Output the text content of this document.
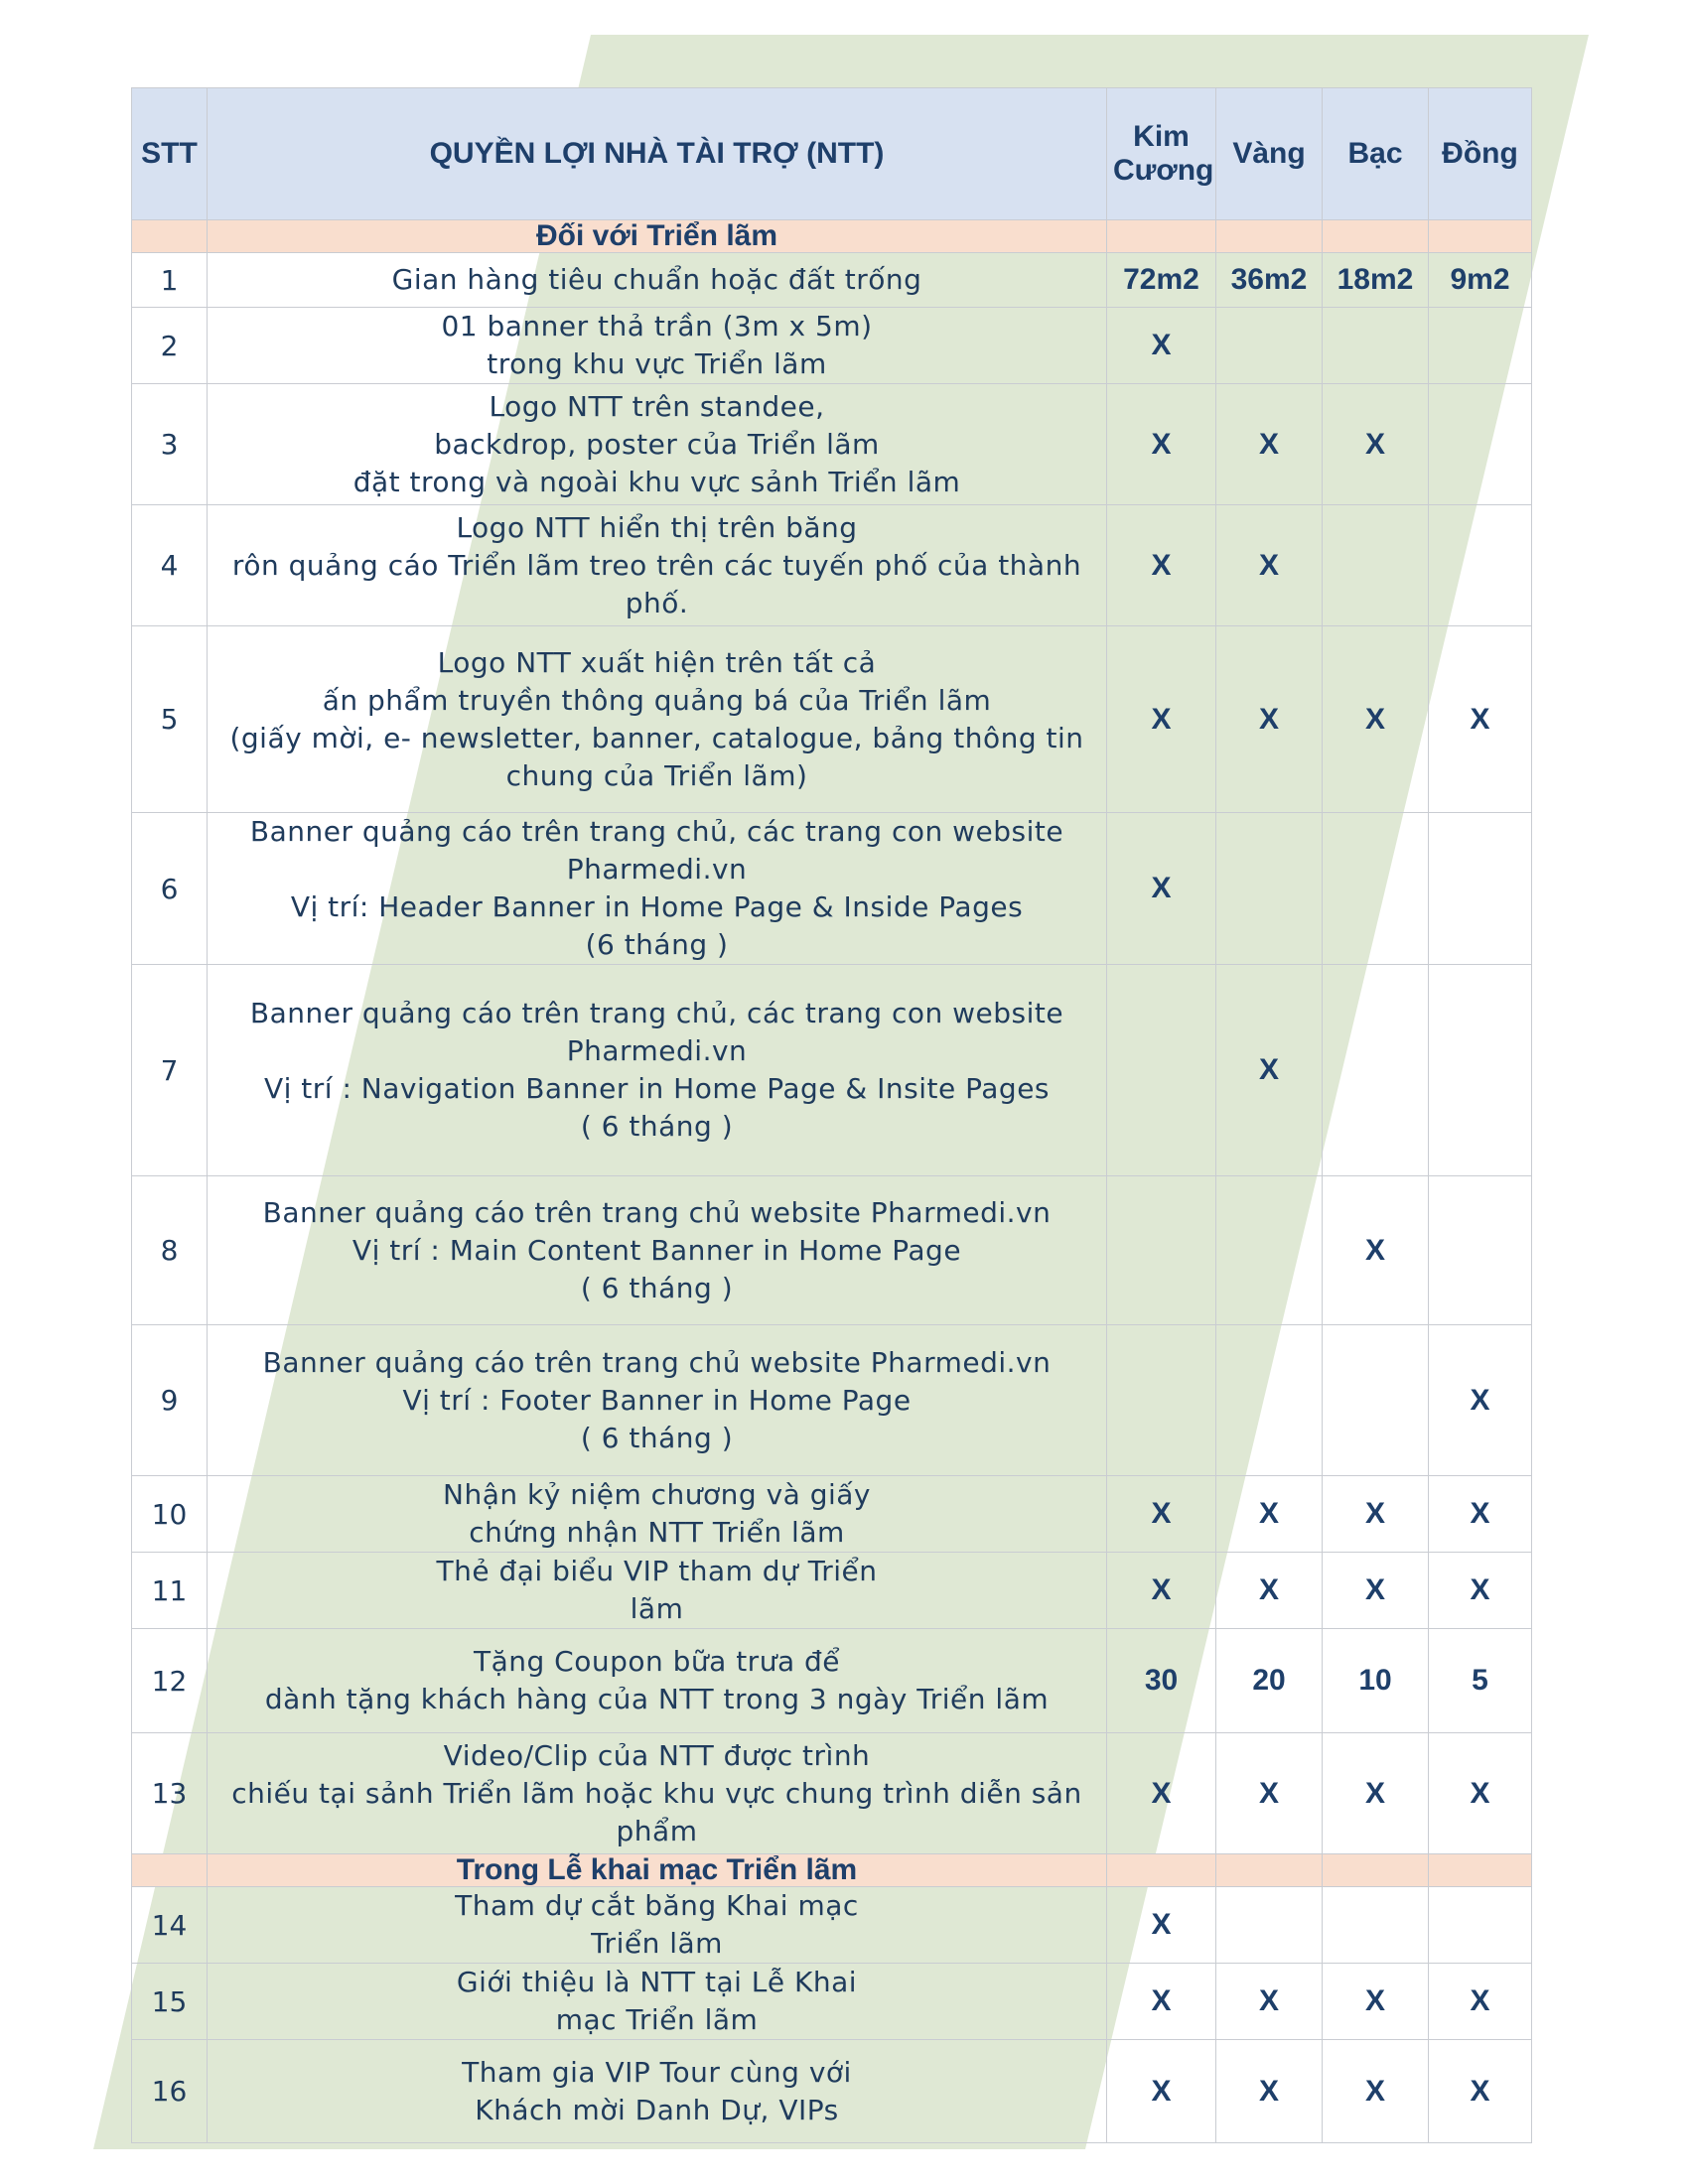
STT	QUYỀN LỢI NHÀ TÀI TRỢ (NTT)	Kim Cương	Vàng	Bạc	Đồng
	Đối với Triển lãm				
1	Gian hàng tiêu chuẩn hoặc đất trống	72m2	36m2	18m2	9m2
2	01 banner thả trần (3m x 5m)
trong khu vực Triển lãm	X			
3	Logo NTT trên standee,
backdrop, poster của Triển lãm
đặt trong và ngoài khu vực sảnh Triển lãm	X	X	X	
4	Logo NTT hiển thị trên băng
rôn quảng cáo Triển lãm treo trên các tuyến phố của thành
phố.	X	X		
5	Logo NTT xuất hiện trên tất cả
ấn phẩm truyền thông quảng bá của Triển lãm
(giấy mời, e- newsletter, banner, catalogue, bảng thông tin
chung của Triển lãm)	X	X	X	X
6	Banner quảng cáo trên trang chủ, các trang con website
Pharmedi.vn
Vị trí: Header Banner in Home Page & Inside Pages
(6 tháng )	X			
7	Banner quảng cáo trên trang chủ, các trang con website
Pharmedi.vn
Vị trí : Navigation Banner in Home Page & Insite Pages
( 6 tháng )		X		
8	Banner quảng cáo trên trang chủ website Pharmedi.vn
Vị trí : Main Content Banner in Home Page
( 6 tháng )			X	
9	Banner quảng cáo trên trang chủ website Pharmedi.vn
Vị trí : Footer Banner in Home Page
( 6 tháng )				X
10	Nhận kỷ niệm chương và giấy
chứng nhận NTT Triển lãm	X	X	X	X
11	Thẻ đại biểu VIP tham dự Triển
lãm	X	X	X	X
12	Tặng Coupon bữa trưa để
dành tặng khách hàng của NTT trong 3 ngày Triển lãm	30	20	10	5
13	Video/Clip của NTT được trình
chiếu tại sảnh Triển lãm hoặc khu vực chung trình diễn sản
phẩm	X	X	X	X
	Trong Lễ khai mạc Triển lãm				
14	Tham dự cắt băng Khai mạc
Triển lãm	X			
15	Giới thiệu là NTT tại Lễ Khai
mạc Triển lãm	X	X	X	X
16	Tham gia VIP Tour cùng với
Khách mời Danh Dự, VIPs	X	X	X	X
